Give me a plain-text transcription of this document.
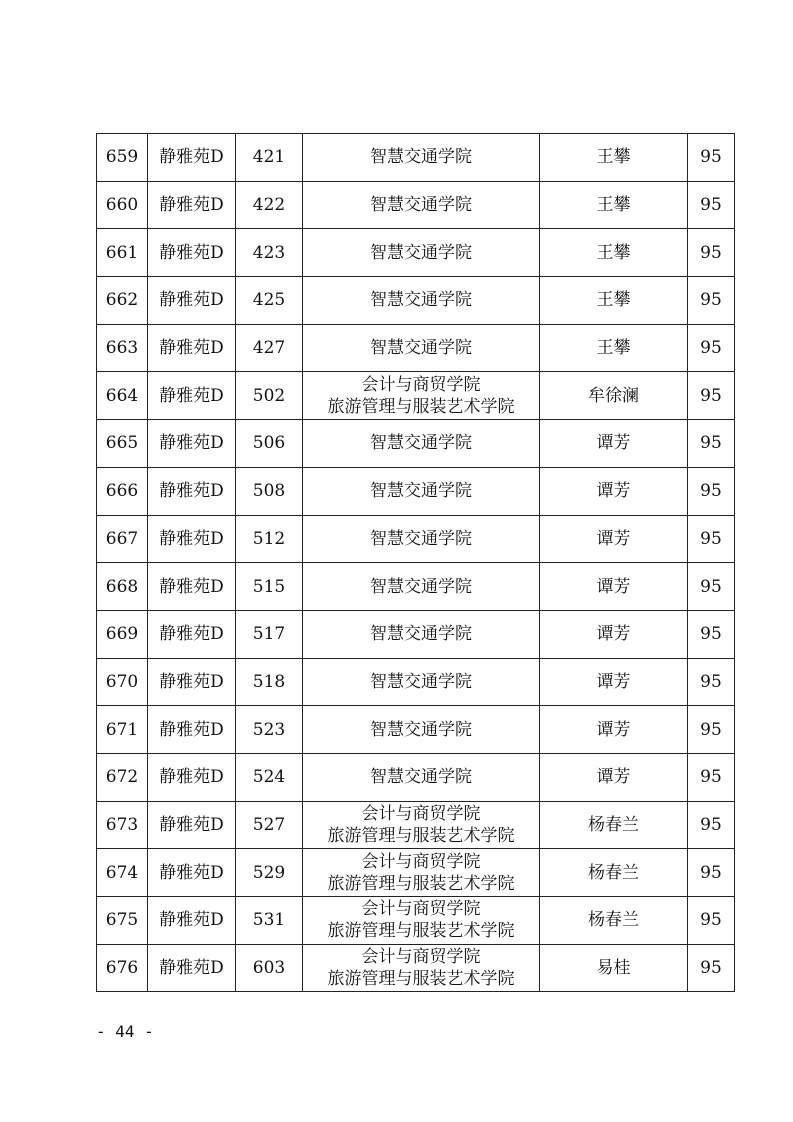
659	静雅苑D	421	智慧交通学院	王攀	95
660	静雅苑D	422	智慧交通学院	王攀	95
661	静雅苑D	423	智慧交通学院	王攀	95
662	静雅苑D	425	智慧交通学院	王攀	95
663	静雅苑D	427	智慧交通学院	王攀	95
664	静雅苑D	502	会计与商贸学院
旅游管理与服装艺术学院	牟徐澜	95
665	静雅苑D	506	智慧交通学院	谭芳	95
666	静雅苑D	508	智慧交通学院	谭芳	95
667	静雅苑D	512	智慧交通学院	谭芳	95
668	静雅苑D	515	智慧交通学院	谭芳	95
669	静雅苑D	517	智慧交通学院	谭芳	95
670	静雅苑D	518	智慧交通学院	谭芳	95
671	静雅苑D	523	智慧交通学院	谭芳	95
672	静雅苑D	524	智慧交通学院	谭芳	95
673	静雅苑D	527	会计与商贸学院
旅游管理与服装艺术学院	杨春兰	95
674	静雅苑D	529	会计与商贸学院
旅游管理与服装艺术学院	杨春兰	95
675	静雅苑D	531	会计与商贸学院
旅游管理与服装艺术学院	杨春兰	95
676	静雅苑D	603	会计与商贸学院
旅游管理与服装艺术学院	易桂	95
- 44 -
